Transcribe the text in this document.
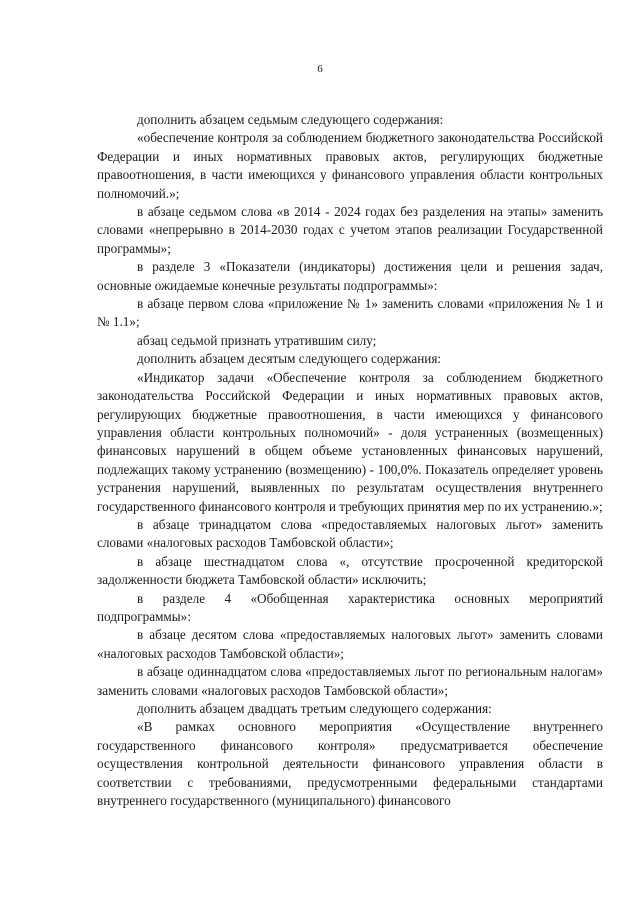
6

дополнить абзацем седьмым следующего содержания:

«обеспечение контроля за соблюдением бюджетного законодательства Российской Федерации и иных нормативных правовых актов, регулирующих бюджетные правоотношения, в части имеющихся у финансового управления области контрольных полномочий.»;

в абзаце седьмом слова «в 2014 - 2024 годах без разделения на этапы» заменить словами «непрерывно в 2014-2030 годах с учетом этапов реализации Государственной программы»;

в разделе 3 «Показатели (индикаторы) достижения цели и решения задач, основные ожидаемые конечные результаты подпрограммы»:

в абзаце первом слова «приложение № 1» заменить словами «приложения № 1 и № 1.1»;

абзац седьмой признать утратившим силу;

дополнить абзацем десятым следующего содержания:

«Индикатор задачи «Обеспечение контроля за соблюдением бюджетного законодательства Российской Федерации и иных нормативных правовых актов, регулирующих бюджетные правоотношения, в части имеющихся у финансового управления области контрольных полномочий» - доля устраненных (возмещенных) финансовых нарушений в общем объеме установленных финансовых нарушений, подлежащих такому устранению (возмещению) - 100,0%. Показатель определяет уровень устранения нарушений, выявленных по результатам осуществления внутреннего государственного финансового контроля и требующих принятия мер по их устранению.»;

в абзаце тринадцатом слова «предоставляемых налоговых льгот» заменить словами «налоговых расходов Тамбовской области»;

в абзаце шестнадцатом слова «, отсутствие просроченной кредиторской задолженности бюджета Тамбовской области» исключить;

в разделе 4 «Обобщенная характеристика основных мероприятий подпрограммы»:

в абзаце десятом слова «предоставляемых налоговых льгот» заменить словами «налоговых расходов Тамбовской области»;

в абзаце одиннадцатом слова «предоставляемых льгот по региональным налогам» заменить словами «налоговых расходов Тамбовской области»;

дополнить абзацем двадцать третьим следующего содержания:

«В рамках основного мероприятия «Осуществление внутреннего государственного финансового контроля» предусматривается обеспечение осуществления контрольной деятельности финансового управления области в соответствии с требованиями, предусмотренными федеральными стандартами внутреннего государственного (муниципального) финансового
